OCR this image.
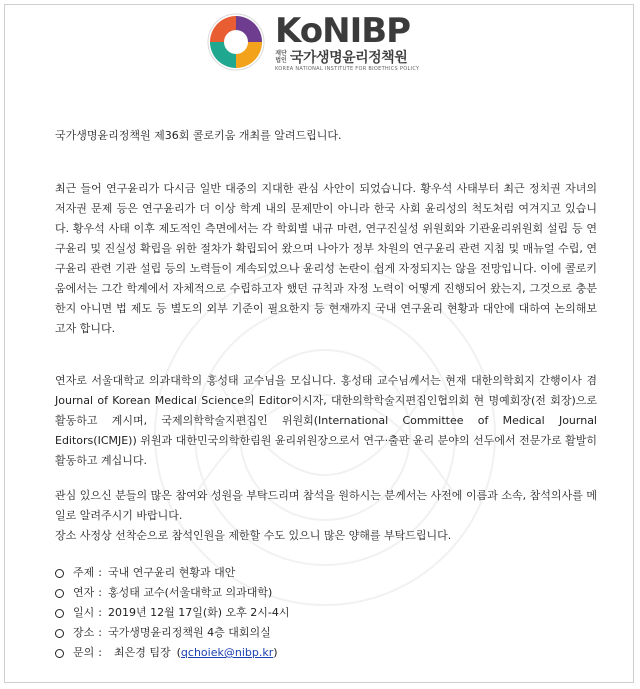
KoNIBP
재단
법인 국가생명윤리정책원
KOREA NATIONAL INSTITUTE FOR BIOETHICS POLICY

국가생명윤리정책원 제36회 콜로키움 개최를 알려드립니다.

최근 들어 연구윤리가 다시금 일반 대중의 지대한 관심 사안이 되었습니다. 황우석 사태부터 최근 정치권 자녀의 저자권 문제 등은 연구윤리가 더 이상 학계 내의 문제만이 아니라 한국 사회 윤리성의 척도처럼 여겨지고 있습니다. 황우석 사태 이후 제도적인 측면에서는 각 학회별 내규 마련, 연구진실성 위원회와 기관윤리위원회 설립 등 연구윤리 및 진실성 확립을 위한 절차가 확립되어 왔으며 나아가 정부 차원의 연구윤리 관련 지침 및 매뉴얼 수립, 연구윤리 관련 기관 설립 등의 노력들이 계속되었으나 윤리성 논란이 쉽게 자정되지는 않을 전망입니다. 이에 콜로키움에서는 그간 학계에서 자체적으로 수립하고자 했던 규칙과 자정 노력이 어떻게 진행되어 왔는지, 그것으로 충분한지 아니면 법 제도 등 별도의 외부 기준이 필요한지 등 현재까지 국내 연구윤리 현황과 대안에 대하여 논의해보고자 합니다.

연자로 서울대학교 의과대학의 홍성태 교수님을 모십니다. 홍성태 교수님께서는 현재 대한의학회지 간행이사 겸 Journal of Korean Medical Science의 Editor이시자, 대한의학학술지편집인협의회 현 명예회장(전 회장)으로 활동하고 계시며, 국제의학학술지편집인 위원회(International Committee of Medical Journal Editors(ICMJE)) 위원과 대한민국의학한림원 윤리위원장으로서 연구·출판 윤리 분야의 선두에서 전문가로 활발히 활동하고 계십니다.

관심 있으신 분들의 많은 참여와 성원을 부탁드리며 참석을 원하시는 분께서는 사전에 이름과 소속, 참석의사를 메일로 알려주시기 바랍니다.

장소 사정상 선착순으로 참석인원을 제한할 수도 있으니 많은 양해를 부탁드립니다.

주제 : 국내 연구윤리 현황과 대안
연자 : 홍성태 교수(서울대학교 의과대학)
일시 : 2019년 12월 17일(화) 오후 2시-4시
장소 : 국가생명윤리정책원 4층 대회의실
문의 : 최은경 팀장 ( qchoiek@nibp.kr )
